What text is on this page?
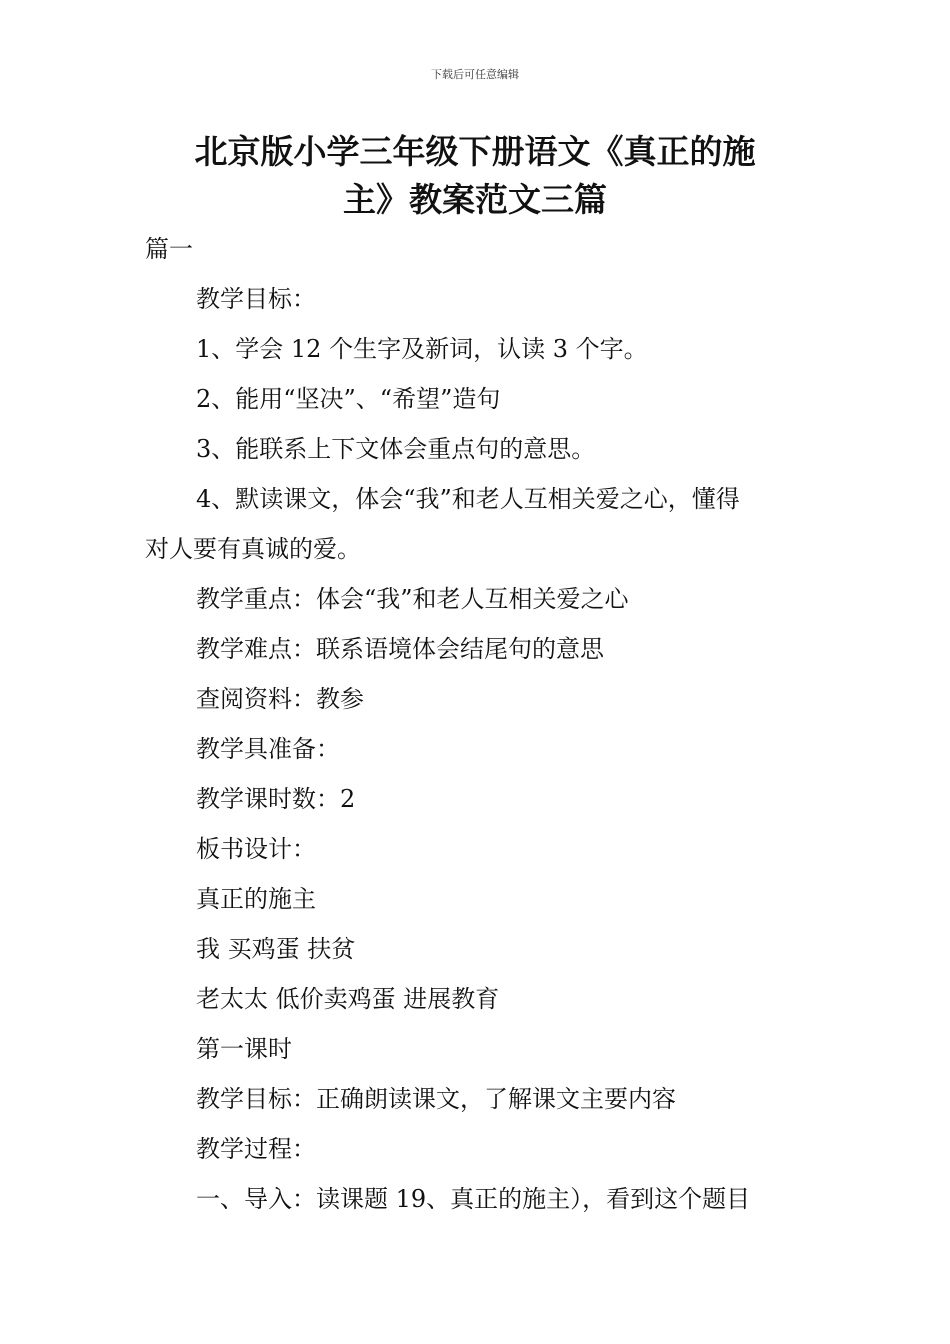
下载后可任意编辑
北京版小学三年级下册语文《真正的施
主》教案范文三篇
篇一
教学目标：
1、学会 12 个生字及新词，认读 3 个字。
2、能用“坚决”、“希望”造句
3、能联系上下文体会重点句的意思。
4、默读课文，体会“我”和老人互相关爱之心，懂得
对人要有真诚的爱。
教学重点：体会“我”和老人互相关爱之心
教学难点：联系语境体会结尾句的意思
查阅资料：教参
教学具准备：
教学课时数：2
板书设计：
真正的施主
我 买鸡蛋 扶贫
老太太 低价卖鸡蛋 进展教育
第一课时
教学目标：正确朗读课文，了解课文主要内容
教学过程：
一、导入：读课题 19、真正的施主），看到这个题目
